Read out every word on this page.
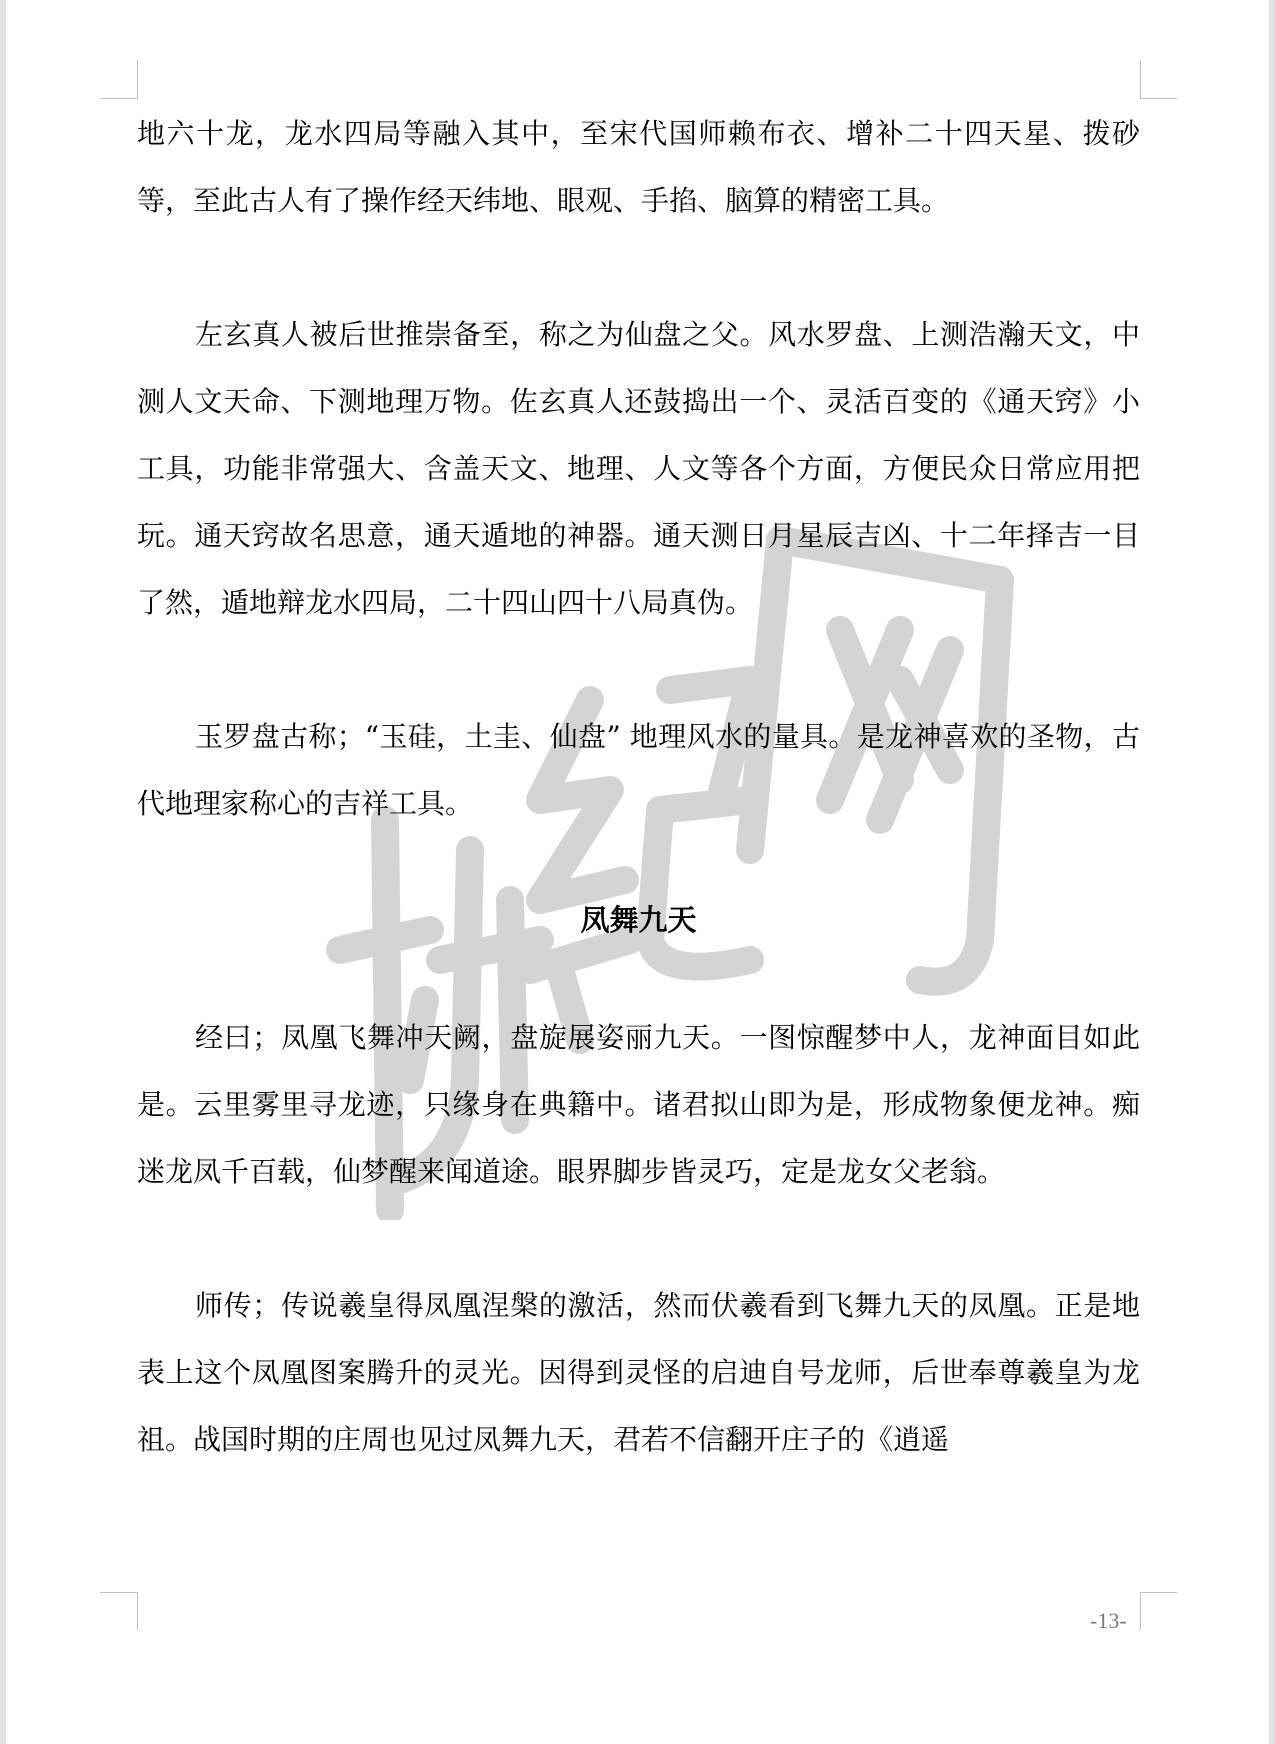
地六十龙，龙水四局等融入其中，至宋代国师赖布衣、增补二十四天星、拨砂等，至此古人有了操作经天纬地、眼观、手掐、脑算的精密工具。

左玄真人被后世推崇备至，称之为仙盘之父。风水罗盘、上测浩瀚天文，中测人文天命、下测地理万物。佐玄真人还鼓捣出一个、灵活百变的《通天窍》小工具，功能非常强大、含盖天文、地理、人文等各个方面，方便民众日常应用把玩。通天窍故名思意，通天遁地的神器。通天测日月星辰吉凶、十二年择吉一目了然，遁地辩龙水四局，二十四山四十八局真伪。

玉罗盘古称；“玉硅，土圭、仙盘” 地理风水的量具。是龙神喜欢的圣物，古代地理家称心的吉祥工具。

凤舞九天

经曰；凤凰飞舞冲天阙，盘旋展姿丽九天。一图惊醒梦中人，龙神面目如此是。云里雾里寻龙迹，只缘身在典籍中。诸君拟山即为是，形成物象便龙神。痴迷龙凤千百载，仙梦醒来闻道途。眼界脚步皆灵巧，定是龙女父老翁。

师传；传说羲皇得凤凰涅槃的激活，然而伏羲看到飞舞九天的凤凰。正是地表上这个凤凰图案腾升的灵光。因得到灵怪的启迪自号龙师，后世奉尊羲皇为龙祖。战国时期的庄周也见过凤舞九天，君若不信翻开庄子的《逍遥

-13-
